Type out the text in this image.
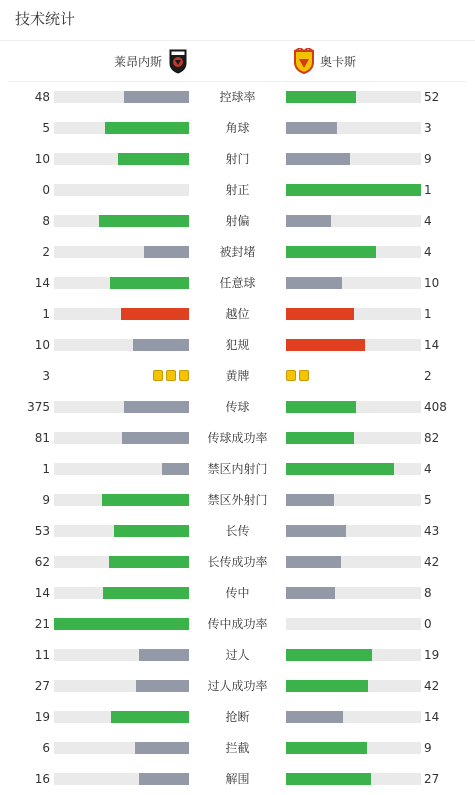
技术统计
莱昂内斯	奥卡斯
48	控球率	52
5	角球	3
10	射门	9
0	射正	1
8	射偏	4
2	被封堵	4
14	任意球	10
1	越位	1
10	犯规	14
3	黄牌	2
375	传球	408
81	传球成功率	82
1	禁区内射门	4
9	禁区外射门	5
53	长传	43
62	长传成功率	42
14	传中	8
21	传中成功率	0
11	过人	19
27	过人成功率	42
19	抢断	14
6	拦截	9
16	解围	27
